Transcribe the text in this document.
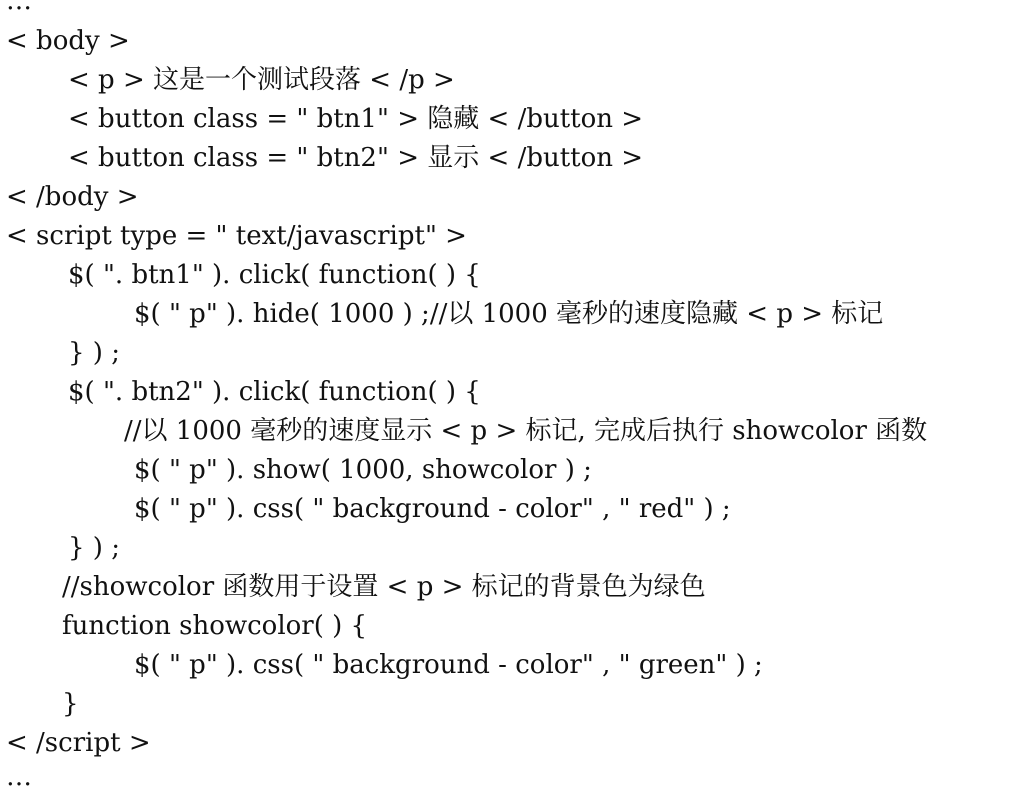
…
< body >
< p > 这是一个测试段落 < /p >
< button class = " btn1" > 隐藏 < /button >
< button class = " btn2" > 显示 < /button >
< /body >
< script type = " text/javascript" >
$( ". btn1" ). click( function( ) {
$( " p" ). hide( 1000 ) ;//以 1000 毫秒的速度隐藏 < p > 标记
} ) ;
$( ". btn2" ). click( function( ) {
//以 1000 毫秒的速度显示 < p > 标记, 完成后执行 showcolor 函数
$( " p" ). show( 1000, showcolor ) ;
$( " p" ). css( " background - color" , " red" ) ;
} ) ;
//showcolor 函数用于设置 < p > 标记的背景色为绿色
function showcolor( ) {
$( " p" ). css( " background - color" , " green" ) ;
}
< /script >
…
